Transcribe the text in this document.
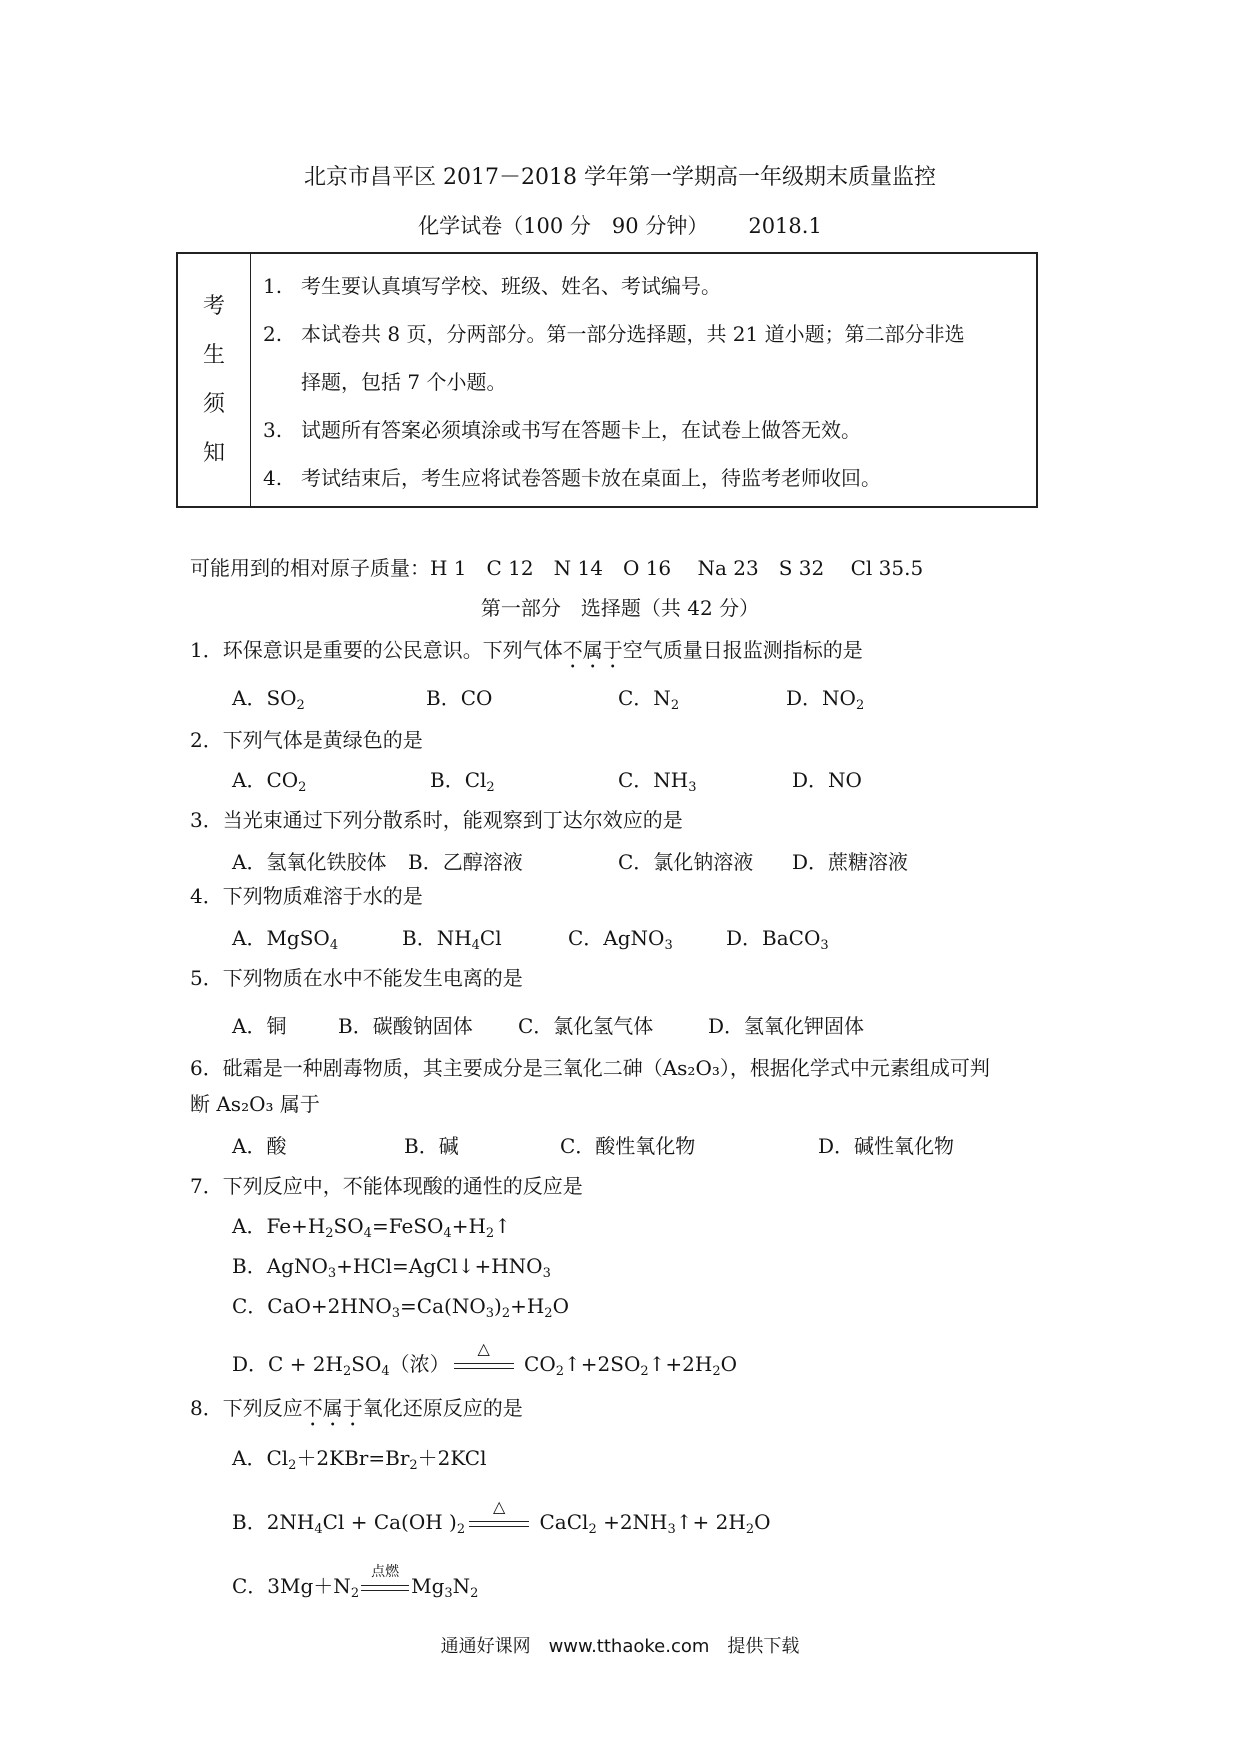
北京市昌平区 2017－2018 学年第一学期高一年级期末质量监控
化学试卷（100 分　90 分钟） 2018.1
考
生
须
知

1. 考生要认真填写学校、班级、姓名、考试编号。
2. 本试卷共 8 页，分两部分。第一部分选择题，共 21 道小题；第二部分非选
择题，包括 7 个小题。
3. 试题所有答案必须填涂或书写在答题卡上，在试卷上做答无效。
4. 考试结束后，考生应将试卷答题卡放在桌面上，待监考老师收回。
可能用到的相对原子质量：H 1　C 12　N 14　O 16　 Na 23　S 32　 Cl 35.5
第一部分　选择题（共 42 分）
1．环保意识是重要的公民意识。下列气体不属于空气质量日报监测指标的是
A．$SO_2$	B．CO	C．$N_2$	D．$NO_2$
2．下列气体是黄绿色的是
A．$CO_2$	B．$Cl_2$	C．$NH_3$	D．NO
3．当光束通过下列分散系时，能观察到丁达尔效应的是
A．氢氧化铁胶体 B．乙醇溶液	C．氯化钠溶液 D．蔗糖溶液
4．下列物质难溶于水的是
A．MgSO$_4$	B．$NH_4Cl$	C．AgNO$_3$	D．BaCO$_3$
5．下列物质在水中不能发生电离的是
A．铜	B．碳酸钠固体 C．氯化氢气体	D．氢氧化钾固体
6．砒霜是一种剧毒物质，其主要成分是三氧化二砷（As₂O₃），根据化学式中元素组成可判
断 As₂O₃ 属于
A．酸	B．碱	C．酸性氧化物	D．碱性氧化物
7．下列反应中，不能体现酸的通性的反应是
A．$Fe+H_2SO_4=FeSO_4+H_2↑$
B．$AgNO_3+HCl=AgCl↓+HNO_3$
C．$CaO+2HNO_3=Ca(NO_3)_2+H_2O$
D．$C + 2H_2SO_4$（浓）
△
$CO_2↑+2SO_2↑+2H_2O$
8．下列反应不属于氧化还原反应的是
A．$Cl_2+2KBr=Br_2+2KCl$
B．$2NH_4Cl + Ca(OH$ )$_2$
△
CaCl$_2$ $+2NH_3↑+ 2H_2O$
C．$3Mg+N_2$
点燃
$Mg_3N_2$
通通好课网　www.tthaoke.com　提供下载
